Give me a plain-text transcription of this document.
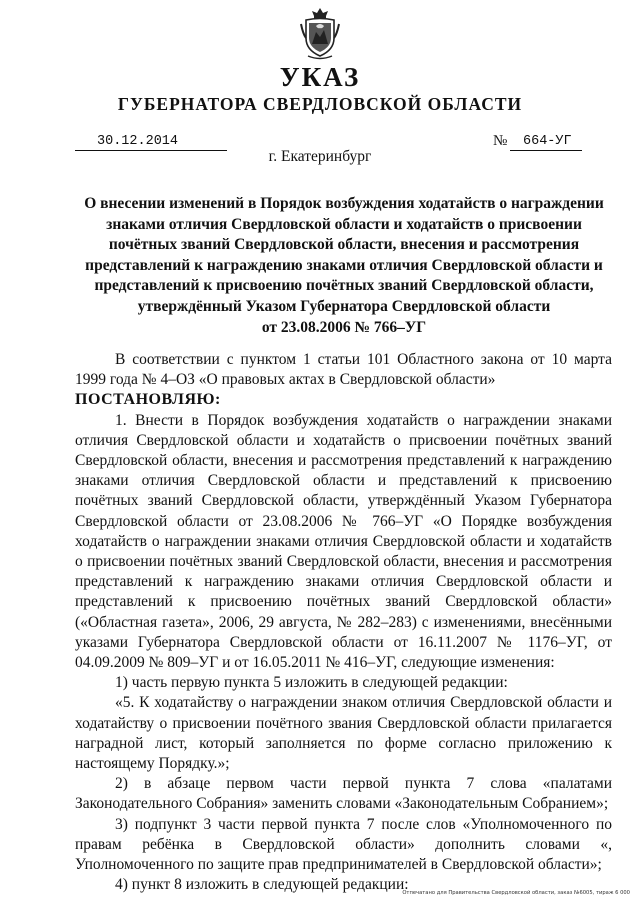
УКАЗ
ГУБЕРНАТОРА СВЕРДЛОВСКОЙ ОБЛАСТИ
30.12.2014	№ 664-УГ
г. Екатеринбург
О внесении изменений в Порядок возбуждения ходатайств о награждении
знаками отличия Свердловской области и ходатайств о присвоении
почётных званий Свердловской области, внесения и рассмотрения
представлений к награждению знаками отличия Свердловской области и
представлений к присвоению почётных званий Свердловской области,
утверждённый Указом Губернатора Свердловской области
от 23.08.2006 № 766–УГ

В соответствии с пунктом 1 статьи 101 Областного закона от 10 марта 1999 года № 4–ОЗ «О правовых актах в Свердловской области»

ПОСТАНОВЛЯЮ:

1. Внести в Порядок возбуждения ходатайств о награждении знаками отличия Свердловской области и ходатайств о присвоении почётных званий Свердловской области, внесения и рассмотрения представлений к награждению знаками отличия Свердловской области и представлений к присвоению почётных званий Свердловской области, утверждённый Указом Губернатора Свердловской области от 23.08.2006 № 766–УГ «О Порядке возбуждения ходатайств о награждении знаками отличия Свердловской области и ходатайств о присвоении почётных званий Свердловской области, внесения и рассмотрения представлений к награждению знаками отличия Свердловской области и представлений к присвоению почётных званий Свердловской области» («Областная газета», 2006, 29 августа, № 282–283) с изменениями, внесёнными указами Губернатора Свердловской области от 16.11.2007 № 1176–УГ, от 04.09.2009 № 809–УГ и от 16.05.2011 № 416–УГ, следующие изменения:

1) часть первую пункта 5 изложить в следующей редакции:

«5. К ходатайству о награждении знаком отличия Свердловской области и ходатайству о присвоении почётного звания Свердловской области прилагается наградной лист, который заполняется по форме согласно приложению к настоящему Порядку.»;

2) в абзаце первом части первой пункта 7 слова «палатами Законодательного Собрания» заменить словами «Законодательным Собранием»;

3) подпункт 3 части первой пункта 7 после слов «Уполномоченного по правам ребёнка в Свердловской области» дополнить словами «, Уполномоченного по защите прав предпринимателей в Свердловской области»;

4) пункт 8 изложить в следующей редакции:

Отпечатано для Правительства Свердловской области, заказ №6005, тираж 6 000
